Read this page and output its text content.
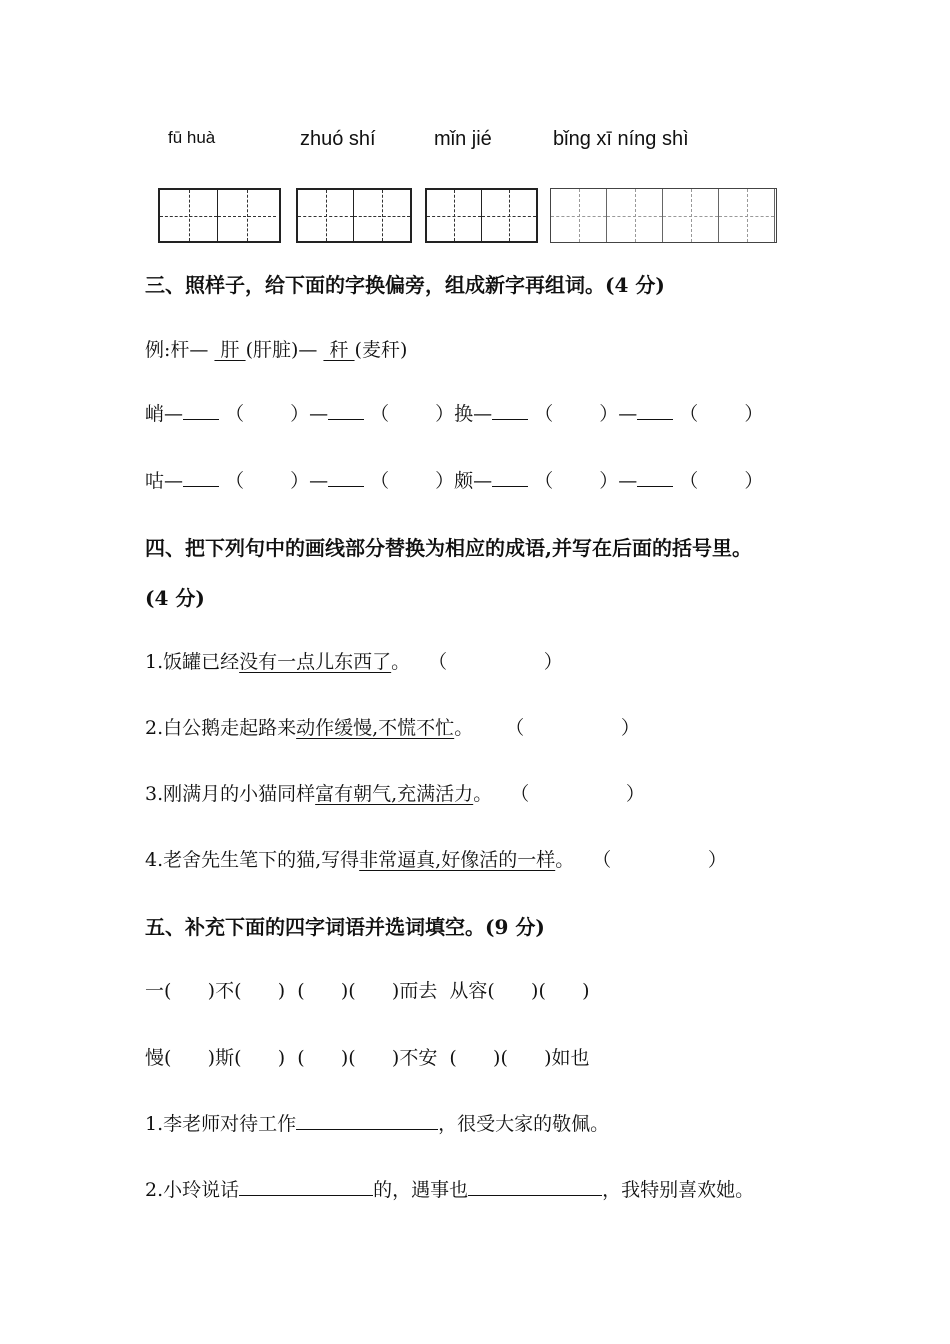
fū huà	zhuó shí	mǐn jié	bǐng xī níng shì
三、照样子，给下面的字换偏旁，组成新字再组词。(4 分)
例:杆—  肝 (肝脏)—  秆 (麦秆)
峭— （ ）— （ ）换— （ ）— （ ）
咕— （ ）— （ ）颇— （ ）— （ ）
四、把下列句中的画线部分替换为相应的成语,并写在后面的括号里。
(4 分)
1.饭罐已经没有一点儿东西了。 （                ）
2.白公鹅走起路来动作缓慢,不慌不忙。 （                ）
3.刚满月的小猫同样富有朝气,充满活力。 （                ）
4.老舍先生笔下的猫,写得非常逼真,好像活的一样。 （                ）
五、补充下面的四字词语并选词填空。(9 分)
一(      )不(      )  (      )(      )而去  从容(      )(      )
慢(      )斯(      )  (      )(      )不安  (      )(      )如也
1.李老师对待工作	，很受大家的敬佩。
2.小玲说话	的，遇事也	，我特别喜欢她。
